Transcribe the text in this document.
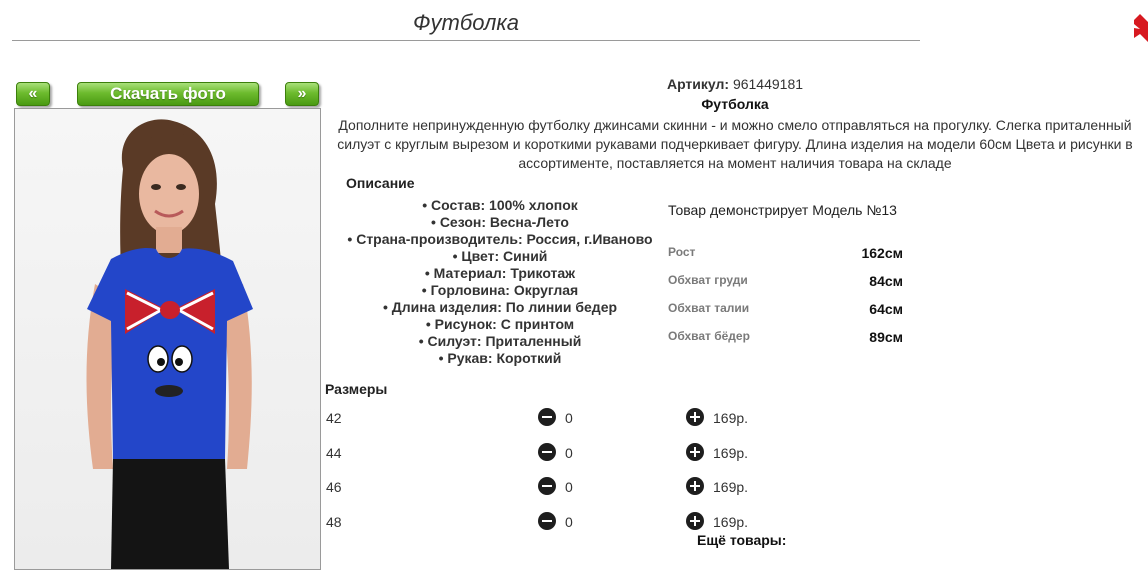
Футболка
«	Скачать фото	»
Артикул: 961449181
Футболка
Дополните непринужденную футболку джинсами скинни - и можно смело отправляться на прогулку. Слегка приталенный силуэт с круглым вырезом и короткими рукавами подчеркивает фигуру. Длина изделия на модели 60см Цвета и рисунки в ассортименте, поставляется на момент наличия товара на складе
Описание
• Состав: 100% хлопок
• Сезон: Весна-Лето
• Страна-производитель: Россия, г.Иваново
• Цвет: Синий
• Материал: Трикотаж
• Горловина: Округлая
• Длина изделия: По линии бедер
• Рисунок: С принтом
• Силуэт: Приталенный
• Рукав: Короткий
Товар демонстрирует Модель №13
Рост	162см
Обхват груди	84см
Обхват талии	64см
Обхват бёдер	89см
Размеры
42	0	169р.
44	0	169р.
46	0	169р.
48	0	169р.
Ещё товары:
